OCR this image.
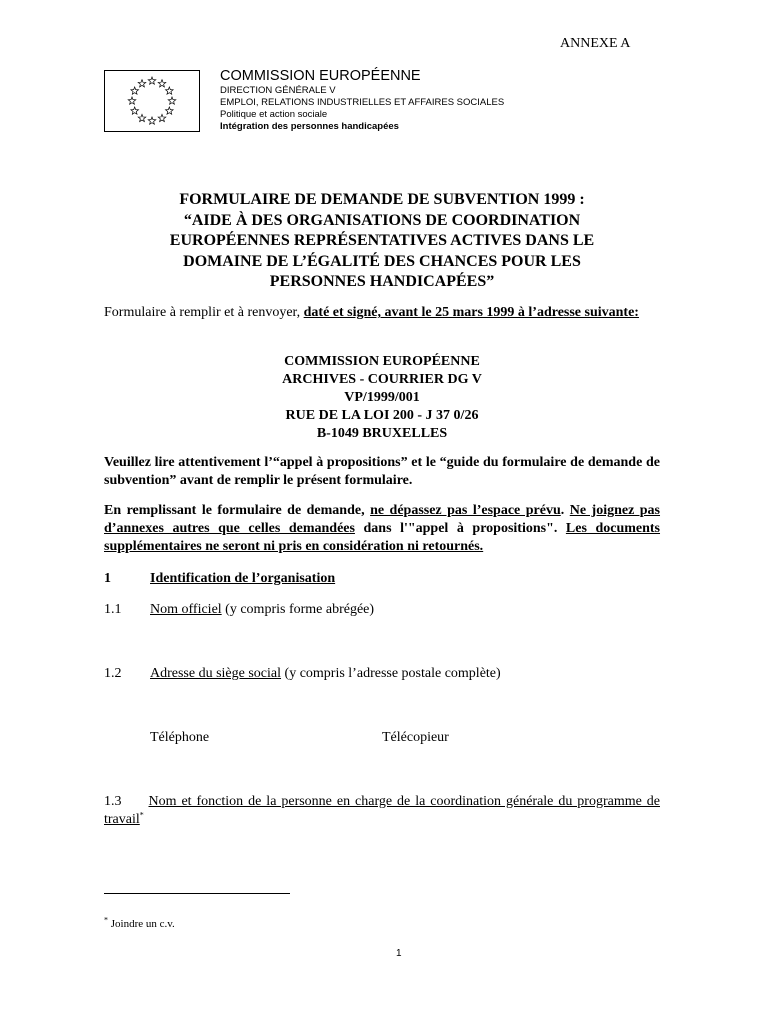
ANNEXE A
COMMISSION EUROPÉENNE
DIRECTION GÉNÉRALE V
EMPLOI, RELATIONS INDUSTRIELLES ET AFFAIRES SOCIALES
Politique et action sociale
Intégration des personnes handicapées
FORMULAIRE DE DEMANDE DE SUBVENTION 1999 :
“AIDE À DES ORGANISATIONS DE COORDINATION
EUROPÉENNES REPRÉSENTATIVES ACTIVES DANS LE
DOMAINE DE L’ÉGALITÉ DES CHANCES POUR LES
PERSONNES HANDICAPÉES”
Formulaire à remplir et à renvoyer, daté et signé, avant le 25 mars 1999 à l’adresse suivante:
COMMISSION EUROPÉENNE
ARCHIVES - COURRIER DG V
VP/1999/001
RUE DE LA LOI 200 - J 37 0/26
B-1049 BRUXELLES
Veuillez lire attentivement l’“appel à propositions” et le “guide du formulaire de demande de subvention” avant de remplir le présent formulaire.
En remplissant le formulaire de demande, ne dépassez pas l’espace prévu. Ne joignez pas d’annexes autres que celles demandées dans l'"appel à propositions". Les documents supplémentaires ne seront ni pris en considération ni retournés.
1	Identification de l’organisation
1.1 Nom officiel (y compris forme abrégée)
1.2 Adresse du siège social (y compris l’adresse postale complète)
Téléphone	Télécopieur
1.3 Nom et fonction de la personne en charge de la coordination générale du programme de travail*
* Joindre un c.v.
1
